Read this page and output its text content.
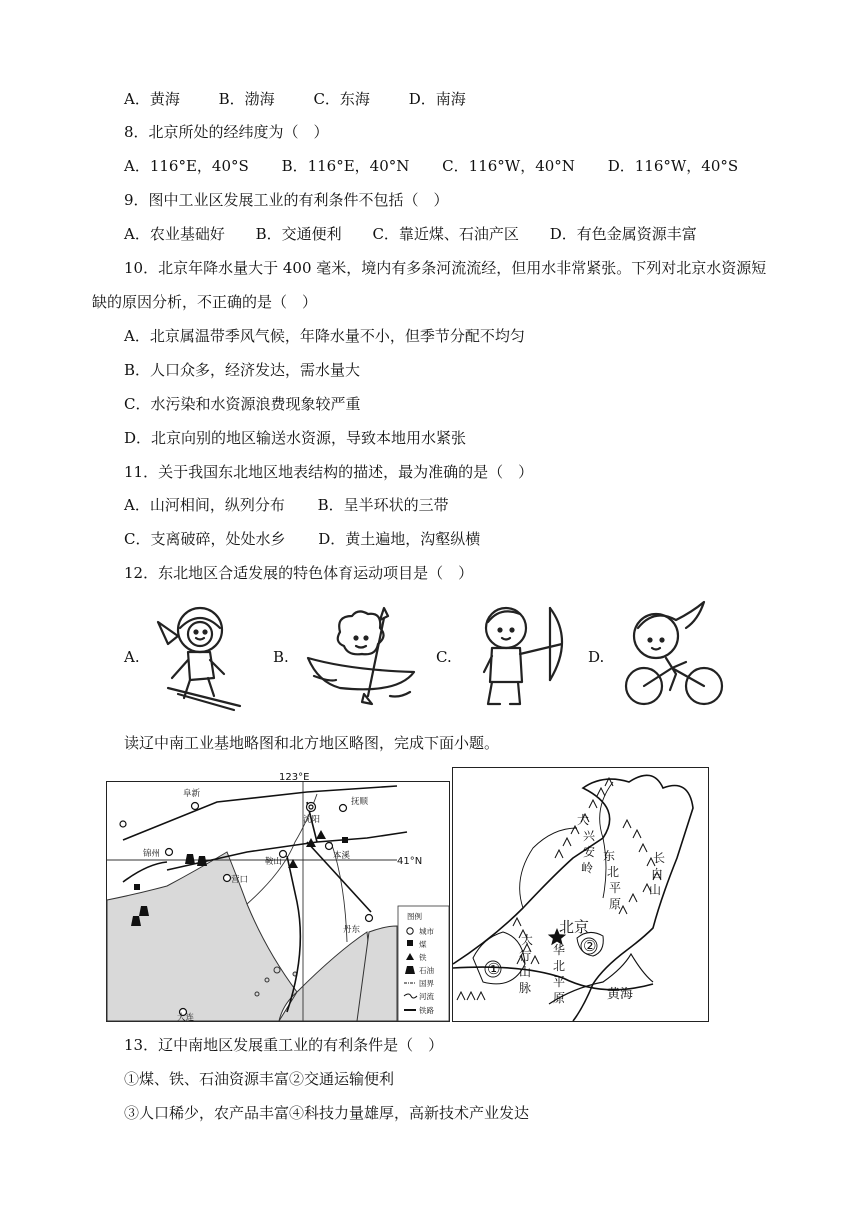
A．黄海	B．渤海	C．东海	D．南海
8．北京所处的经纬度为（　）
A．116°E，40°S B．116°E，40°N C．116°W，40°N D．116°W，40°S
9．图中工业区发展工业的有利条件不包括（　）
A．农业基础好 B．交通便利 C．靠近煤、石油产区 D．有色金属资源丰富
10．北京年降水量大于 400 毫米，境内有多条河流流经，但用水非常紧张。下列对北京水资源短
缺的原因分析，不正确的是（　）
A．北京属温带季风气候，年降水量不小，但季节分配不均匀
B．人口众多，经济发达，需水量大
C．水污染和水资源浪费现象较严重
D．北京向别的地区输送水资源，导致本地用水紧张
11．关于我国东北地区地表结构的描述，最为准确的是（　）
A．山河相间，纵列分布 B．呈半环状的三带
C．支离破碎，处处水乡 D．黄土遍地，沟壑纵横
12．东北地区合适发展的特色体育运动项目是（　）
A.	B.	C.	D.
读辽中南工业基地略图和北方地区略图，完成下面小题。
123°E
41°N
阜新
抚顺
沈阳
锦州
鞍山
本溪
营口
丹东
大连
图例
城市
煤
铁
石油
国界
河流
铁路
北京
①
②
黄海
太
行
山
脉
华
北
平
原
大
兴
安
岭
东
北
平
原
长
白
山
13．辽中南地区发展重工业的有利条件是（　）
①煤、铁、石油资源丰富②交通运输便利
③人口稀少，农产品丰富④科技力量雄厚，高新技术产业发达
